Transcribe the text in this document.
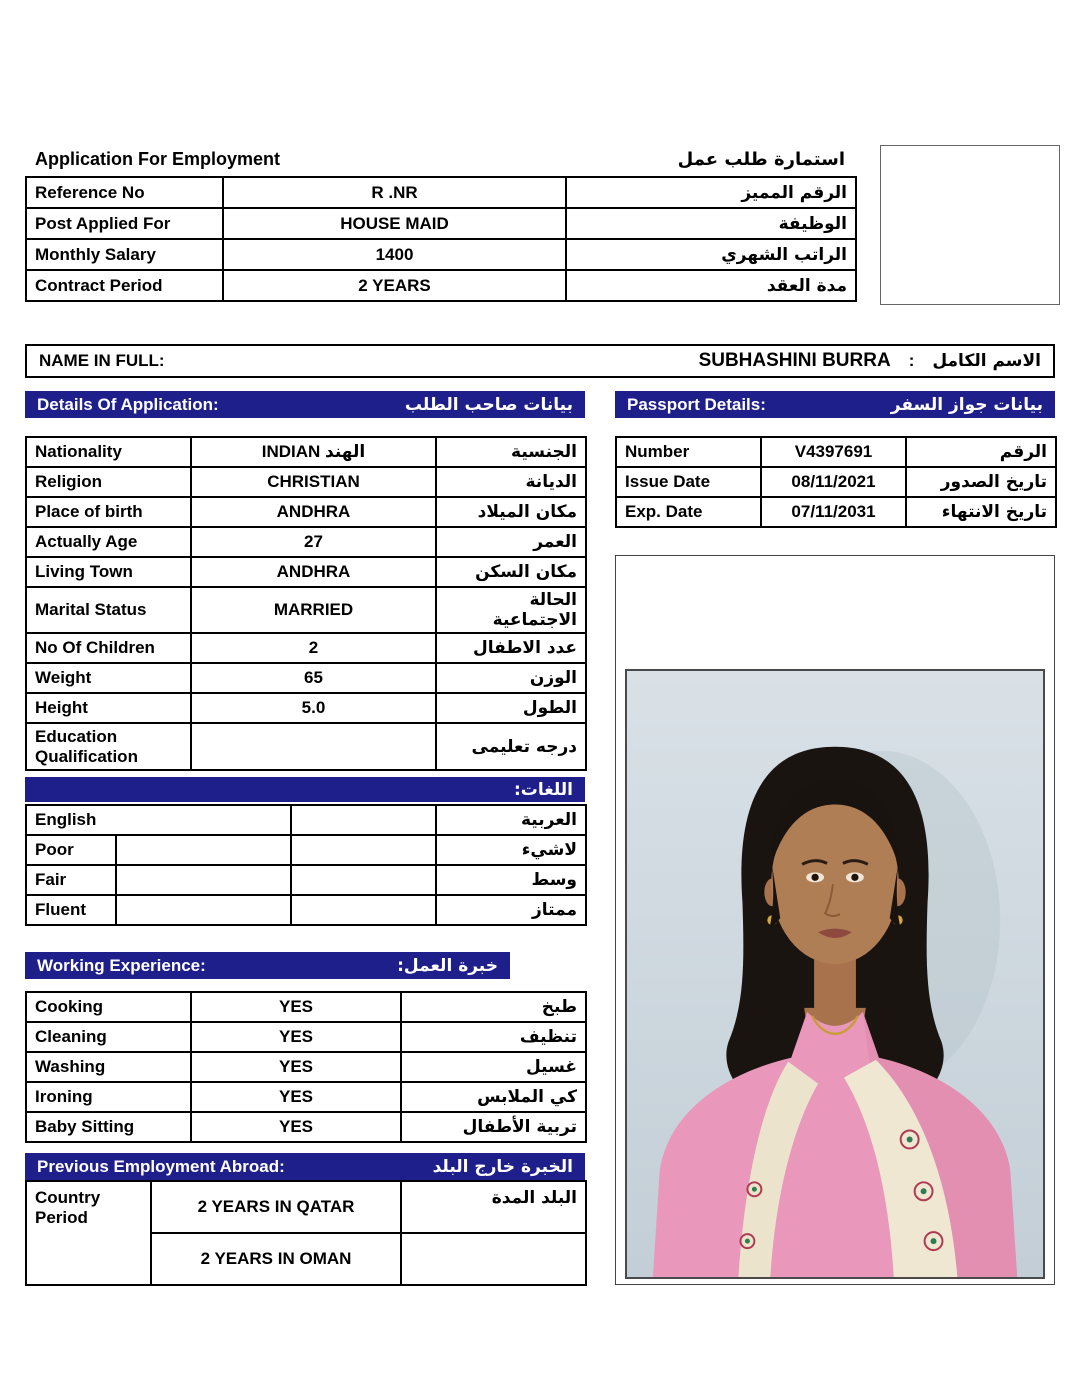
Application For Employment	استمارة طلب عمل
Reference No	R .NR	الرقم المميز
Post Applied For	HOUSE MAID	الوظيفة
Monthly Salary	1400	الراتب الشهري
Contract Period	2 YEARS	مدة العقد
NAME IN FULL:	SUBHASHINI BURRA : الاسم الكامل
Details Of Application:	بيانات صاحب الطلب	Passport Details:	بيانات جواز السفر
Nationality	INDIAN الهند	الجنسية
Religion	CHRISTIAN	الديانة
Place of birth	ANDHRA	مكان الميلاد
Actually Age	27	العمر
Living Town	ANDHRA	مكان السكن
Marital Status	MARRIED	الحالة الاجتماعية
No Of Children	2	عدد الاطفال
Weight	65	الوزن
Height	5.0	الطول
Education Qualification		درجه تعليمى
Number	V4397691	الرقم
Issue Date	08/11/2021	تاريخ الصدور
Exp. Date	07/11/2031	تاريخ الانتهاء
اللغات:
English			العربية
Poor			لاشيء
Fair			وسط
Fluent			ممتاز
Working Experience:	خبرة العمل:
Cooking	YES	طبخ
Cleaning	YES	تنظيف
Washing	YES	غسيل
Ironing	YES	كي الملابس
Baby Sitting	YES	تربية الأطفال
Previous Employment Abroad:	الخبرة خارج البلد
Country Period	2 YEARS IN QATAR	البلد المدة
	2 YEARS IN OMAN	
